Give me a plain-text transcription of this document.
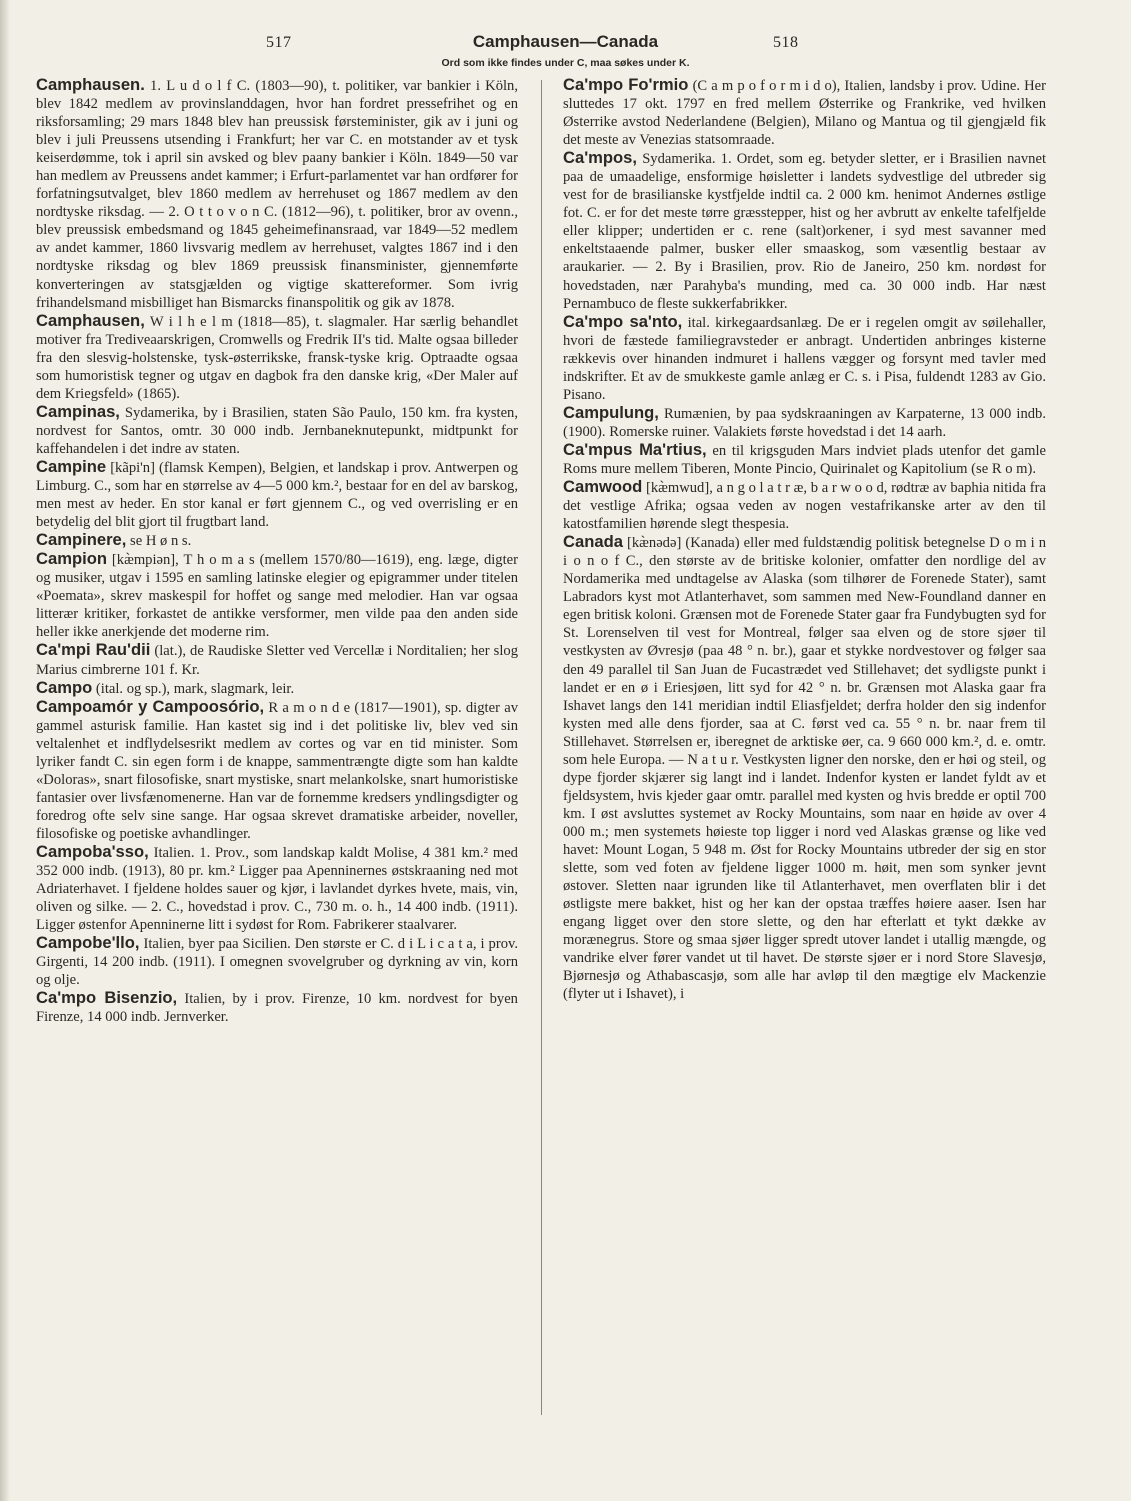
517	Camphausen—Canada	518
Ord som ikke findes under C, maa søkes under K.

Camphausen. 1. L u d o l f C. (1803—90), t. politiker, var bankier i Köln, blev 1842 medlem av provinslanddagen, hvor han fordret pressefrihet og en riksforsamling; 29 mars 1848 blev han preussisk førsteminister, gik av i juni og blev i juli Preussens utsending i Frankfurt; her var C. en motstander av et tysk keiserdømme, tok i april sin avsked og blev paany bankier i Köln. 1849—50 var han medlem av Preussens andet kammer; i Erfurt-parlamentet var han ordfører for forfatningsutvalget, blev 1860 medlem av herrehuset og 1867 medlem av den nordtyske riksdag. — 2. O t t o v o n C. (1812—96), t. politiker, bror av ovenn., blev preussisk embedsmand og 1845 geheimefinansraad, var 1849—52 medlem av andet kammer, 1860 livsvarig medlem av herrehuset, valgtes 1867 ind i den nordtyske riksdag og blev 1869 preussisk finansminister, gjennemførte konverteringen av statsgjælden og vigtige skattereformer. Som ivrig frihandelsmand misbilliget han Bismarcks finanspolitik og gik av 1878.

Camphausen, W i l h e l m (1818—85), t. slagmaler. Har særlig behandlet motiver fra Trediveaarskrigen, Cromwells og Fredrik II's tid. Malte ogsaa billeder fra den slesvig-holstenske, tysk-østerrikske, fransk-tyske krig. Optraadte ogsaa som humoristisk tegner og utgav en dagbok fra den danske krig, «Der Maler auf dem Kriegsfeld» (1865).

Campinas, Sydamerika, by i Brasilien, staten São Paulo, 150 km. fra kysten, nordvest for Santos, omtr. 30 000 indb. Jernbaneknutepunkt, midtpunkt for kaffehandelen i det indre av staten.

Campine [kãpi'n] (flamsk Kempen), Belgien, et landskap i prov. Antwerpen og Limburg. C., som har en størrelse av 4—5 000 km.², bestaar for en del av barskog, men mest av heder. En stor kanal er ført gjennem C., og ved overrisling er en betydelig del blit gjort til frugtbart land.

Campinere, se H ø n s.

Campion [kæ̀mpiən], T h o m a s (mellem 1570/80—1619), eng. læge, digter og musiker, utgav i 1595 en samling latinske elegier og epigrammer under titelen «Poemata», skrev maskespil for hoffet og sange med melodier. Han var ogsaa litterær kritiker, forkastet de antikke versformer, men vilde paa den anden side heller ikke anerkjende det moderne rim.

Ca'mpi Rau'dii (lat.), de Raudiske Sletter ved Vercellæ i Norditalien; her slog Marius cimbrerne 101 f. Kr.

Campo (ital. og sp.), mark, slagmark, leir.

Campoamór y Campoosório, R a m o n d e (1817—1901), sp. digter av gammel asturisk familie. Han kastet sig ind i det politiske liv, blev ved sin veltalenhet et indflydelsesrikt medlem av cortes og var en tid minister. Som lyriker fandt C. sin egen form i de knappe, sammentrængte digte som han kaldte «Doloras», snart filosofiske, snart mystiske, snart melankolske, snart humoristiske fantasier over livsfænomenerne. Han var de fornemme kredsers yndlingsdigter og foredrog ofte selv sine sange. Har ogsaa skrevet dramatiske arbeider, noveller, filosofiske og poetiske avhandlinger.

Campoba'sso, Italien. 1. Prov., som landskap kaldt Molise, 4 381 km.² med 352 000 indb. (1913), 80 pr. km.² Ligger paa Apenninernes østskraaning ned mot Adriaterhavet. I fjeldene holdes sauer og kjør, i lavlandet dyrkes hvete, mais, vin, oliven og silke. — 2. C., hovedstad i prov. C., 730 m. o. h., 14 400 indb. (1911). Ligger østenfor Apenninerne litt i sydøst for Rom. Fabrikerer staalvarer.

Campobe'llo, Italien, byer paa Sicilien. Den største er C. d i L i c a t a, i prov. Girgenti, 14 200 indb. (1911). I omegnen svovelgruber og dyrkning av vin, korn og olje.

Ca'mpo Bisenzio, Italien, by i prov. Firenze, 10 km. nordvest for byen Firenze, 14 000 indb. Jernverker.

Ca'mpo Fo'rmio (C a m p o f o r m i d o), Italien, landsby i prov. Udine. Her sluttedes 17 okt. 1797 en fred mellem Østerrike og Frankrike, ved hvilken Østerrike avstod Nederlandene (Belgien), Milano og Mantua og til gjengjæld fik det meste av Venezias statsomraade.

Ca'mpos, Sydamerika. 1. Ordet, som eg. betyder sletter, er i Brasilien navnet paa de umaadelige, ensformige høisletter i landets sydvestlige del utbreder sig vest for de brasilianske kystfjelde indtil ca. 2 000 km. henimot Andernes østlige fot. C. er for det meste tørre græsstepper, hist og her avbrutt av enkelte tafelfjelde eller klipper; undertiden er c. rene (salt)orkener, i syd mest savanner med enkeltstaaende palmer, busker eller smaaskog, som væsentlig bestaar av araukarier. — 2. By i Brasilien, prov. Rio de Janeiro, 250 km. nordøst for hovedstaden, nær Parahyba's munding, med ca. 30 000 indb. Har næst Pernambuco de fleste sukkerfabrikker.

Ca'mpo sa'nto, ital. kirkegaardsanlæg. De er i regelen omgit av søilehaller, hvori de fæstede familiegravsteder er anbragt. Undertiden anbringes kisterne rækkevis over hinanden indmuret i hallens vægger og forsynt med tavler med indskrifter. Et av de smukkeste gamle anlæg er C. s. i Pisa, fuldendt 1283 av Gio. Pisano.

Campulung, Rumænien, by paa sydskraaningen av Karpaterne, 13 000 indb. (1900). Romerske ruiner. Valakiets første hovedstad i det 14 aarh.

Ca'mpus Ma'rtius, en til krigsguden Mars indviet plads utenfor det gamle Roms mure mellem Tiberen, Monte Pincio, Quirinalet og Kapitolium (se R o m).

Camwood [kæ̀mwud], a n g o l a t r æ, b a r w o o d, rødtræ av baphia nitida fra det vestlige Afrika; ogsaa veden av nogen vestafrikanske arter av den til katostfamilien hørende slegt thespesia.

Canada [kæ̀nədə] (Kanada) eller med fuldstændig politisk betegnelse D o m i n i o n o f C., den største av de britiske kolonier, omfatter den nordlige del av Nordamerika med undtagelse av Alaska (som tilhører de Forenede Stater), samt Labradors kyst mot Atlanterhavet, som sammen med New-Foundland danner en egen britisk koloni. Grænsen mot de Forenede Stater gaar fra Fundybugten syd for St. Lorenselven til vest for Montreal, følger saa elven og de store sjøer til vestkysten av Øvresjø (paa 48 ° n. br.), gaar et stykke nordvestover og følger saa den 49 parallel til San Juan de Fucastrædet ved Stillehavet; det sydligste punkt i landet er en ø i Eriesjøen, litt syd for 42 ° n. br. Grænsen mot Alaska gaar fra Ishavet langs den 141 meridian indtil Eliasfjeldet; derfra holder den sig indenfor kysten med alle dens fjorder, saa at C. først ved ca. 55 ° n. br. naar frem til Stillehavet. Størrelsen er, iberegnet de arktiske øer, ca. 9 660 000 km.², d. e. omtr. som hele Europa. — N a t u r. Vestkysten ligner den norske, den er høi og steil, og dype fjorder skjærer sig langt ind i landet. Indenfor kysten er landet fyldt av et fjeldsystem, hvis kjeder gaar omtr. parallel med kysten og hvis bredde er optil 700 km. I øst avsluttes systemet av Rocky Mountains, som naar en høide av over 4 000 m.; men systemets høieste top ligger i nord ved Alaskas grænse og like ved havet: Mount Logan, 5 948 m. Øst for Rocky Mountains utbreder der sig en stor slette, som ved foten av fjeldene ligger 1000 m. høit, men som synker jevnt østover. Sletten naar igrunden like til Atlanterhavet, men overflaten blir i det østligste mere bakket, hist og her kan der opstaa træffes høiere aaser. Isen har engang ligget over den store slette, og den har efterlatt et tykt dække av morænegrus. Store og smaa sjøer ligger spredt utover landet i utallig mængde, og vandrike elver fører vandet ut til havet. De største sjøer er i nord Store Slavesjø, Bjørnesjø og Athabascasjø, som alle har avløp til den mægtige elv Mackenzie (flyter ut i Ishavet), i
